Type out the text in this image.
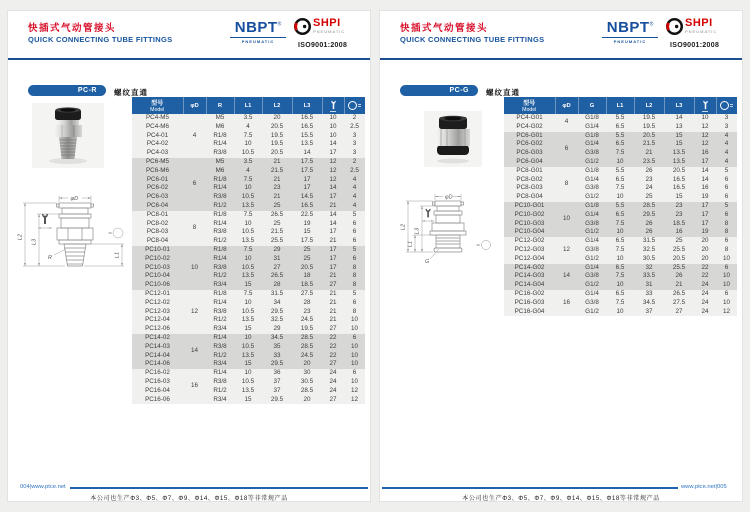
快插式气动管接头
QUICK CONNECTING TUBE FITTINGS
NBPT®
PNEUMATIC
SHPI
PNEUMATIC
ISO9001:2008
PC-R	螺纹直通
φD
L2
L3
L1
R
型号
Model	φD	R	L1	L2	L3	

PC4-M5	4	M5	3.5	20	16.5	10	2
PC4-M6		M6	4	20.5	16.5	10	2.5
PC4-01		R1/8	7.5	19.5	15.5	10	3
PC4-02		R1/4	10	19.5	13.5	14	3
PC4-03		R3/8	10.5	20.5	14	17	3
PC6-M5	6	M5	3.5	21	17.5	12	2
PC6-M6		M6	4	21.5	17.5	12	2.5
PC6-01		R1/8	7.5	21	17	12	4
PC6-02		R1/4	10	23	17	14	4
PC6-03		R3/8	10.5	21	14.5	17	4
PC6-04		R1/2	13.5	25	16.5	21	4
PC8-01	8	R1/8	7.5	26.5	22.5	14	5
PC8-02		R1/4	10	25	19	14	6
PC8-03		R3/8	10.5	21.5	15	17	6
PC8-04		R1/2	13.5	25.5	17.5	21	6
PC10-01	10	R1/8	7.5	29	25	17	5
PC10-02		R1/4	10	31	25	17	6
PC10-03		R3/8	10.5	27	20.5	17	8
PC10-04		R1/2	13.5	26.5	18	21	8
PC10-06		R3/4	15	28	18.5	27	8
PC12-01	12	R1/8	7.5	31.5	27.5	21	5
PC12-02		R1/4	10	34	28	21	6
PC12-03		R3/8	10.5	29.5	23	21	8
PC12-04		R1/2	13.5	32.5	24.5	21	10
PC12-06		R3/4	15	29	19.5	27	10
PC14-02	14	R1/4	10	34.5	28.5	22	6
PC14-03		R3/8	10.5	35	28.5	22	10
PC14-04		R1/2	13.5	33	24.5	22	10
PC14-06		R3/4	15	29.5	20	27	10
PC16-02	16	R1/4	10	36	30	24	6
PC16-03		R3/8	10.5	37	30.5	24	10
PC16-04		R1/2	13.5	37	28.5	24	12
PC16-06		R3/4	15	29.5	20	27	12
004|www.ptce.net
本公司也生产Φ3、Φ5、Φ7、Φ9、Φ14、Φ15、Φ18等非常规产品
快插式气动管接头
QUICK CONNECTING TUBE FITTINGS
NBPT®
PNEUMATIC
SHPI
PNEUMATIC
ISO9001:2008
PC-G	螺纹直通
φD
L2
L3
L1
G
型号
Model	φD	G	L1	L2	L3	

PC4-G01	4	G1/8	5.5	19.5	14	10	3
PC4-G02		G1/4	6.5	19.5	13	12	3
PC6-G01	6	G1/8	5.5	20.5	15	12	4
PC6-G02		G1/4	6.5	21.5	15	12	4
PC6-G03		G3/8	7.5	21	13.5	16	4
PC6-G04		G1/2	10	23.5	13.5	17	4
PC8-G01	8	G1/8	5.5	26	20.5	14	5
PC8-G02		G1/4	6.5	23	16.5	14	6
PC8-G03		G3/8	7.5	24	16.5	16	6
PC8-G04		G1/2	10	25	15	19	6
PC10-G01	10	G1/8	5.5	28.5	23	17	5
PC10-G02		G1/4	6.5	29.5	23	17	6
PC10-G03		G3/8	7.5	26	18.5	17	8
PC10-G04		G1/2	10	26	16	19	8
PC12-G02	12	G1/4	6.5	31.5	25	20	6
PC12-G03		G3/8	7.5	32.5	25.5	20	8
PC12-G04		G1/2	10	30.5	20.5	20	10
PC14-G02	14	G1/4	6.5	32	25.5	22	6
PC14-G03		G3/8	7.5	33.5	26	22	10
PC14-G04		G1/2	10	31	21	24	10
PC16-G02	16	G1/4	6.5	33	26.5	24	6
PC16-G03		G3/8	7.5	34.5	27.5	24	10
PC16-G04		G1/2	10	37	27	24	12
www.ptce.net|005
本公司也生产Φ3、Φ5、Φ7、Φ9、Φ14、Φ15、Φ18等非常规产品
